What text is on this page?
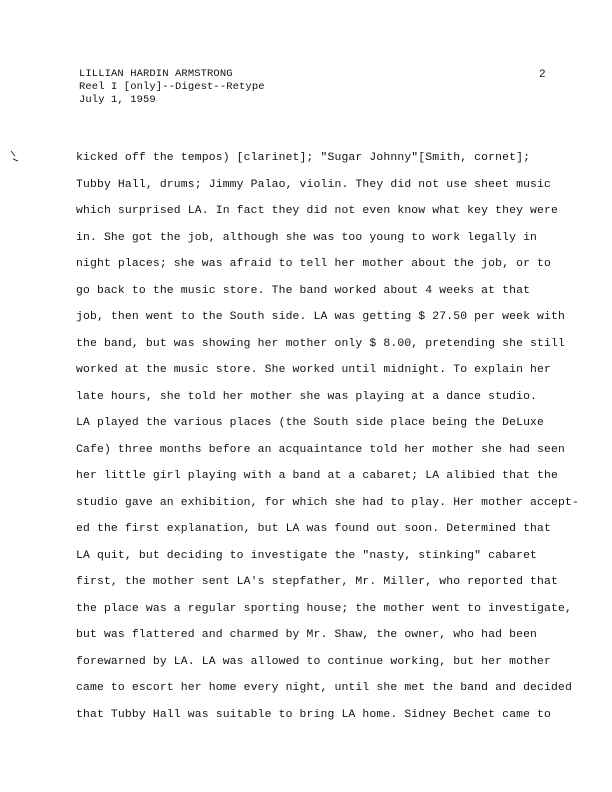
LILLIAN HARDIN ARMSTRONG
Reel I [only]--Digest--Retype
July 1, 1959
2
kicked off the tempos) [clarinet]; "Sugar Johnny"[Smith, cornet];
Tubby Hall, drums; Jimmy Palao, violin. They did not use sheet music
which surprised LA. In fact they did not even know what key they were
in. She got the job, although she was too young to work legally in
night places; she was afraid to tell her mother about the job, or to
go back to the music store. The band worked about 4 weeks at that
job, then went to the South side. LA was getting $ 27.50 per week with
the band, but was showing her mother only $ 8.00, pretending she still
worked at the music store. She worked until midnight. To explain her
late hours, she told her mother she was playing at a dance studio.
LA played the various places (the South side place being the DeLuxe
Cafe) three months before an acquaintance told her mother she had seen
her little girl playing with a band at a cabaret; LA alibied that the
studio gave an exhibition, for which she had to play. Her mother accept-
ed the first explanation, but LA was found out soon. Determined that
LA quit, but deciding to investigate the "nasty, stinking" cabaret
first, the mother sent LA's stepfather, Mr. Miller, who reported that
the place was a regular sporting house; the mother went to investigate,
but was flattered and charmed by Mr. Shaw, the owner, who had been
forewarned by LA. LA was allowed to continue working, but her mother
came to escort her home every night, until she met the band and decided
that Tubby Hall was suitable to bring LA home. Sidney Bechet came to
